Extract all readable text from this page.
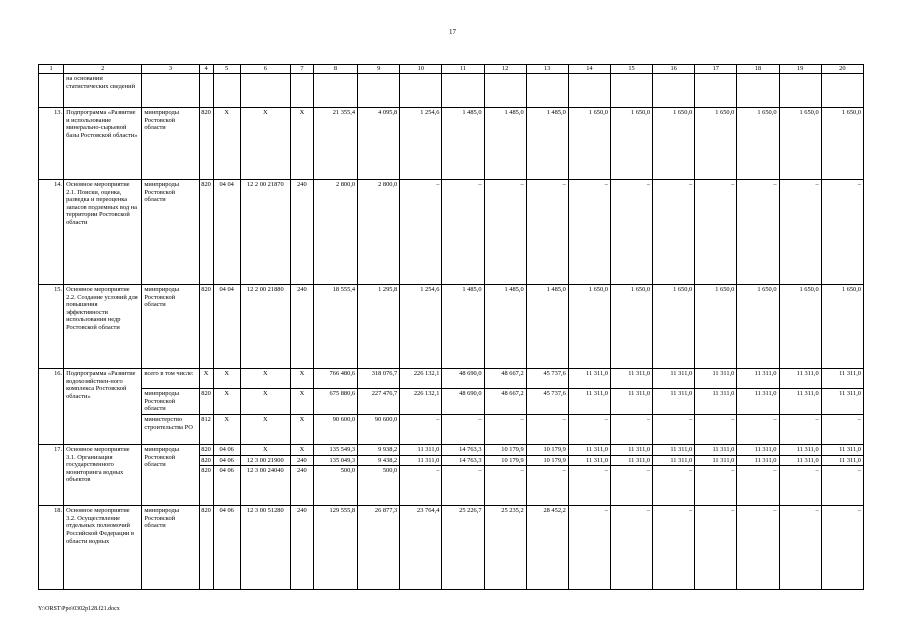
17
1	2	3	4	5	6	7	8	9	10	11	12	13	14	15	16	17	18	19	20
	на основании статистических сведений																		
13.	Подпрограмма «Развитие и использование минерально-сырьевой базы Ростовской области»	минприроды Ростовской области	820	Х	Х	Х	21 355,4	4 095,8	1 254,6	1 485,0	1 485,0	1 485,0	1 650,0	1 650,0	1 650,0	1 650,0	1 650,0	1 650,0	1 650,0
14.	Основное мероприятие 2.1. Поиски, оценка, разведка и переоценка запасов подземных вод на территории Ростовской области	минприроды Ростовской области	820	04 04	12 2 00 21870	240	2 800,0	2 800,0	–	–	–	–	–	–	–	–	–	–	–
15.	Основное мероприятие 2.2. Создание условий для повышения эффективности использования недр Ростовской области	минприроды Ростовской области	820	04 04	12 2 00 21880	240	18 555,4	1 295,8	1 254,6	1 485,0	1 485,0	1 485,0	1 650,0	1 650,0	1 650,0	1 650,0	1 650,0	1 650,0	1 650,0
16.	Подпрограмма «Развитие водохозяйствен-ного комплекса Ростовской области»	всего в том числе:	Х	Х	Х	Х	766 480,6	318 076,7	226 132,1	48 690,0	48 667,2	45 737,6	11 311,0	11 311,0	11 311,0	11 311,0	11 311,0	11 311,0	11 311,0
		минприроды Ростовской области	820	Х	Х	Х	675 880,6	227 476,7	226 132,1	48 690,0	48 667,2	45 737,6	11 311,0	11 311,0	11 311,0	11 311,0	11 311,0	11 311,0	11 311,0
		министерство строительства РО	812	Х	Х	Х	90 600,0	90 600,0	–	–	–	–	–	–	–	–	–	–	–
17.	Основное мероприятие 3.1. Организация государственного мониторинга водных объектов	минприроды Ростовской области	820	04 06	Х	Х	135 549,3	9 938,2	11 311,0	14 763,3	10 179,9	10 179,9	11 311,0	11 311,0	11 311,0	11 311,0	11 311,0	11 311,0	11 311,0
			820	04 06	12 3 00 21900	240	135 049,3	9 438,2	11 311,0	14 763,3	10 179,9	10 179,9	11 311,0	11 311,0	11 311,0	11 311,0	11 311,0	11 311,0	11 311,0
			820	04 06	12 3 00 24040	240	500,0	500,0	–	–	–	–	–	–	–	–	–	–	–
18.	Основное мероприятие 3.2. Осуществление отдельных полномочий Российской Федерации в области водных	минприроды Ростовской области	820	04 06	12 3 00 51280	240	129 555,8	26 877,3	23 764,4	25 226,7	25 235,2	28 452,2	–	–	–	–	–	–	–
Y:\ORST\Ppo\0302p128.f21.docx
